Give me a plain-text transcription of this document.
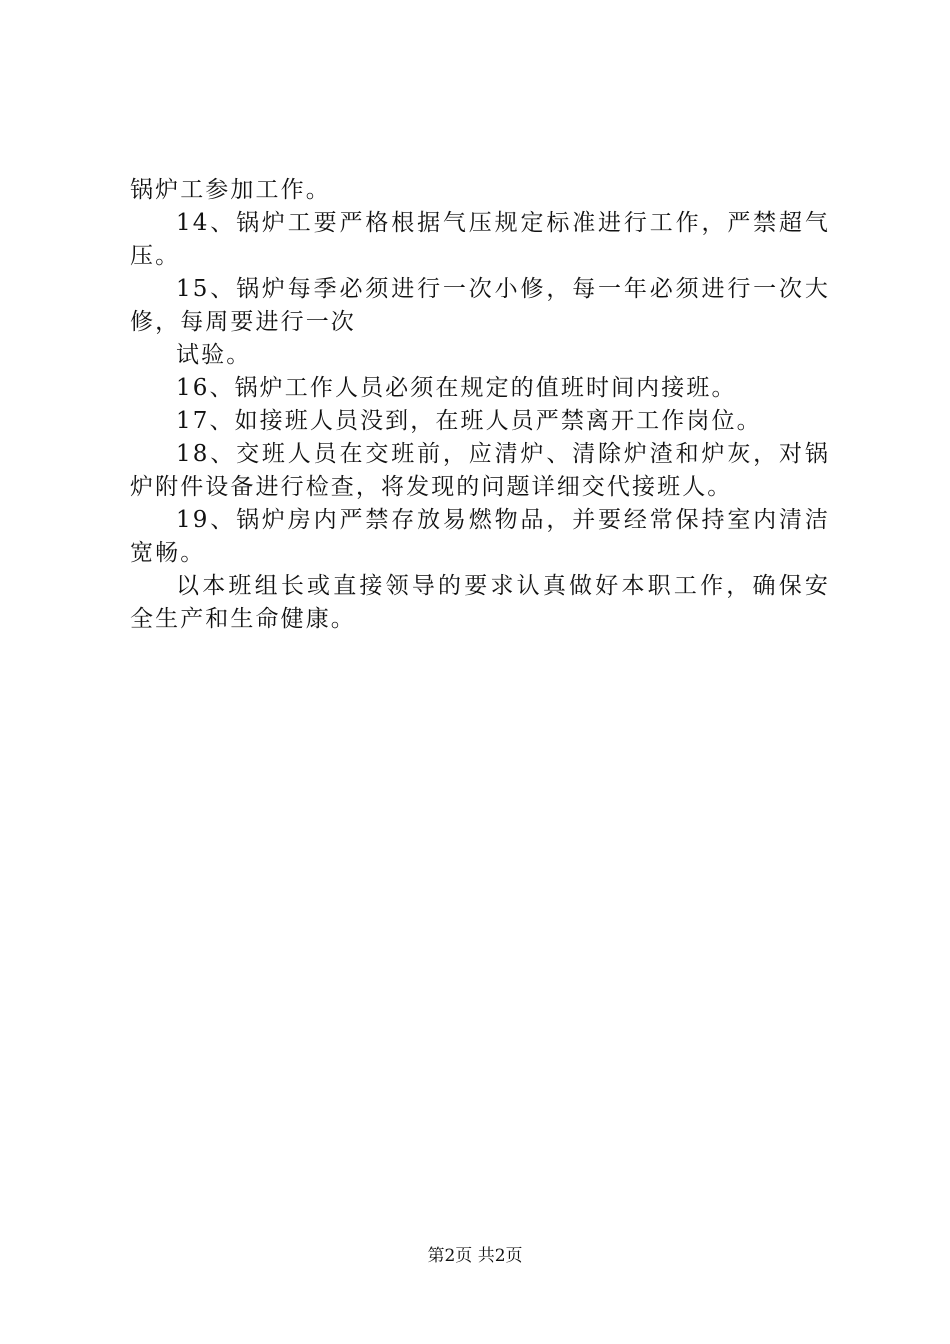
锅炉工参加工作。
14、锅炉工要严格根据气压规定标准进行工作，严禁超气
压。
15、锅炉每季必须进行一次小修，每一年必须进行一次大
修，每周要进行一次
试验。
16、锅炉工作人员必须在规定的值班时间内接班。
17、如接班人员没到，在班人员严禁离开工作岗位。
18、交班人员在交班前，应清炉、清除炉渣和炉灰，对锅
炉附件设备进行检查，将发现的问题详细交代接班人。
19、锅炉房内严禁存放易燃物品，并要经常保持室内清洁
宽畅。
以本班组长或直接领导的要求认真做好本职工作，确保安
全生产和生命健康。
第2页 共2页
